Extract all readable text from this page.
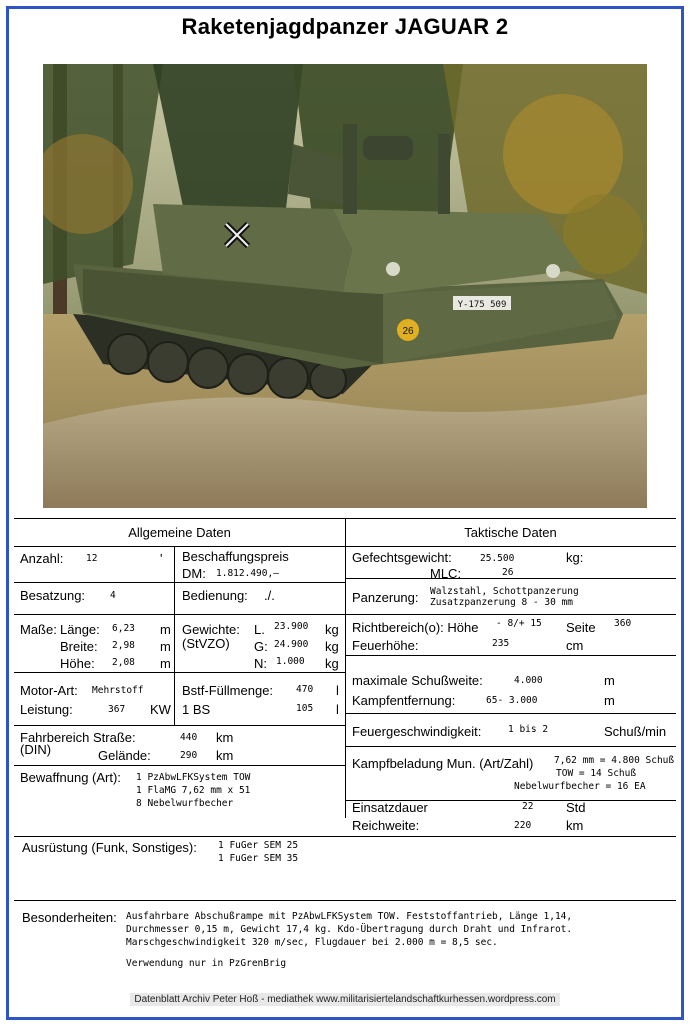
Raketenjagdpanzer JAGUAR 2
Y-175 509
26
Allgemeine Daten	Taktische Daten
Anzahl: 12	' Beschaffungspreis
DM: 1.812.490,—
Besatzung:	4	Bedienung: ./.
Maße: Länge: 6,23 m
Breite: 2,98 m
Höhe: 2,08 m
Gewichte:
(StVZO)
L. 23.900 kg
G: 24.900 kg
N: 1.000 kg
Motor-Art: Mehrstoff
Leistung:	367 KW
Bstf-Füllmenge: 470 l
1 BS	105 l
Fahrbereich Straße:
(DIN)
440 km
Gelände:	290 km
Bewaffnung (Art): 1 PzAbwLFKSystem TOW
1 FlaMG 7,62 mm x 51
8 Nebelwurfbecher
Gefechtsgewicht:	25.500	kg:
MLC:	26
Panzerung: Walzstahl, Schottpanzerung
Zusatzpanzerung 8 - 30 mm
Richtbereich(o): Höhe - 8/+ 15 Seite 360
Feuerhöhe:	235	cm
maximale Schußweite:	4.000	m
Kampfentfernung:	65- 3.000	m
Feuergeschwindigkeit:	1 bis 2	Schuß/min
Kampfbeladung Mun. (Art/Zahl) 7,62 mm = 4.800 Schuß
TOW = 14 Schuß
Nebelwurfbecher = 16 EA
Einsatzdauer	22	Std
Reichweite:	220	km
Ausrüstung (Funk, Sonstiges): 1 FuGer SEM 25
1 FuGer SEM 35
Besonderheiten: Ausfahrbare Abschußrampe mit PzAbwLFKSystem TOW. Feststoffantrieb, Länge 1,14,
Durchmesser 0,15 m, Gewicht 17,4 kg. Kdo-Übertragung durch Draht und Infrarot.
Marschgeschwindigkeit 320 m/sec, Flugdauer bei 2.000 m = 8,5 sec.
Verwendung nur in PzGrenBrig
Datenblatt Archiv Peter Hoß - mediathek www.militarisiertelandschaftkurhessen.wordpress.com
